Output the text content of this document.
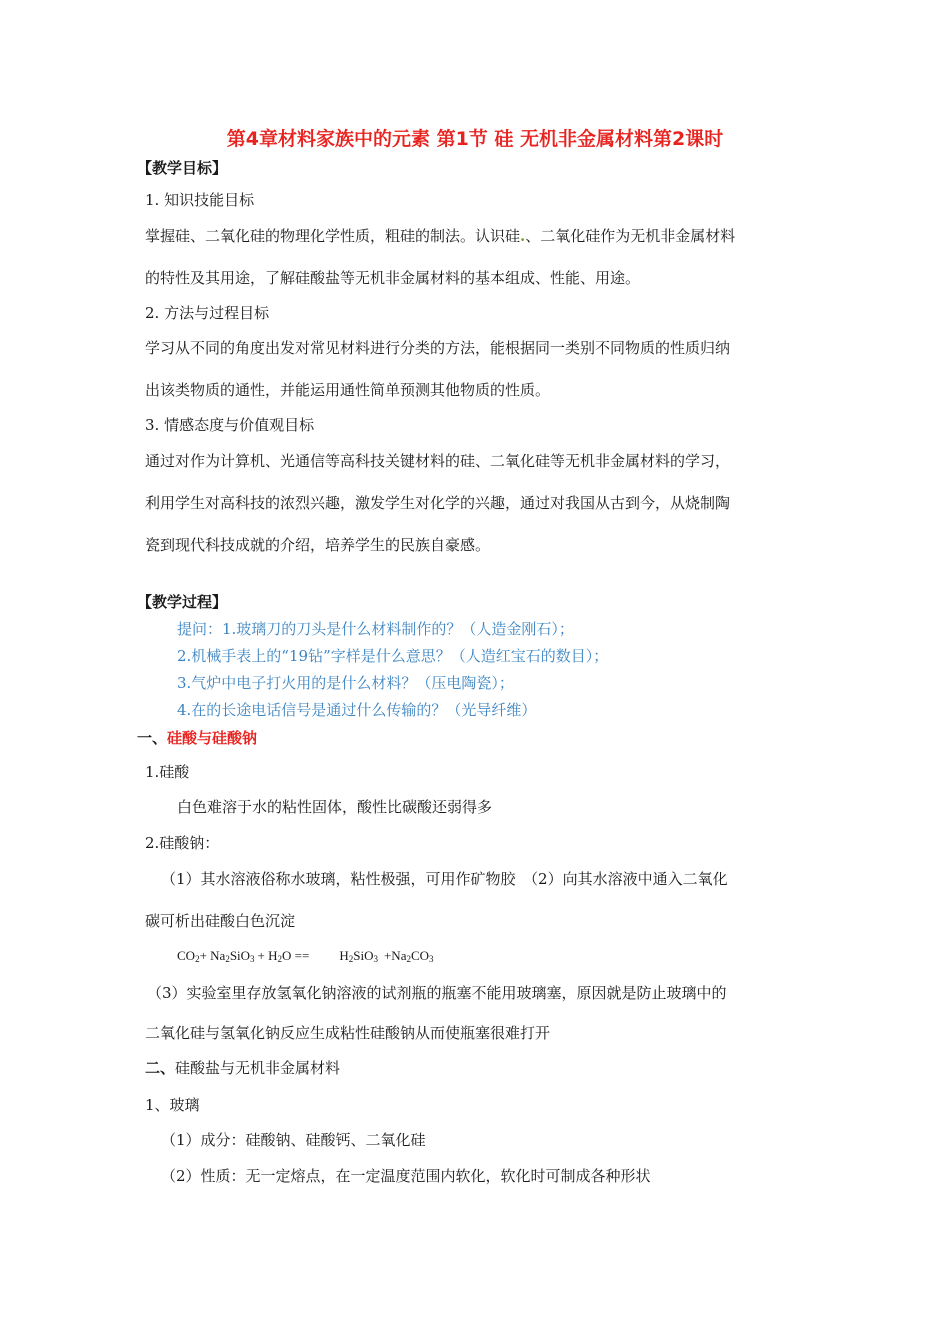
第4章材料家族中的元素 第1节 硅 无机非金属材料第2课时
【教学目标】
1. 知识技能目标
掌握硅、二氧化硅的物理化学性质，粗硅的制法。认识硅.、二氧化硅作为无机非金属材料
的特性及其用途，了解硅酸盐等无机非金属材料的基本组成、性能、用途。
2. 方法与过程目标
学习从不同的角度出发对常见材料进行分类的方法，能根据同一类别不同物质的性质归纳
出该类物质的通性，并能运用通性简单预测其他物质的性质。
3. 情感态度与价值观目标
通过对作为计算机、光通信等高科技关键材料的硅、二氧化硅等无机非金属材料的学习，
利用学生对高科技的浓烈兴趣，激发学生对化学的兴趣，通过对我国从古到今，从烧制陶
瓷到现代科技成就的介绍，培养学生的民族自豪感。
【教学过程】
提问：1.玻璃刀的刀头是什么材料制作的？（人造金刚石）；
2.机械手表上的“19钻”字样是什么意思？（人造红宝石的数目）；
3.气炉中电子打火用的是什么材料？（压电陶瓷）；
4.在的长途电话信号是通过什么传输的？（光导纤维）
一、硅酸与硅酸钠
1.硅酸
白色难溶于水的粘性固体，酸性比碳酸还弱得多
2.硅酸钠：
（1）其水溶液俗称水玻璃，粘性极强，可用作矿物胶　（2）向其水溶液中通入二氧化
碳可析出硅酸白色沉淀
$CO_2+ Na_2SiO_3 + H_2O == H_2SiO_3 +Na_2CO_3$
（3）实验室里存放氢氧化钠溶液的试剂瓶的瓶塞不能用玻璃塞，原因就是防止玻璃中的
二氧化硅与氢氧化钠反应生成粘性硅酸钠从而使瓶塞很难打开
二、硅酸盐与无机非金属材料
1、玻璃
（1）成分：硅酸钠、硅酸钙、二氧化硅
（2）性质：无一定熔点，在一定温度范围内软化，软化时可制成各种形状
